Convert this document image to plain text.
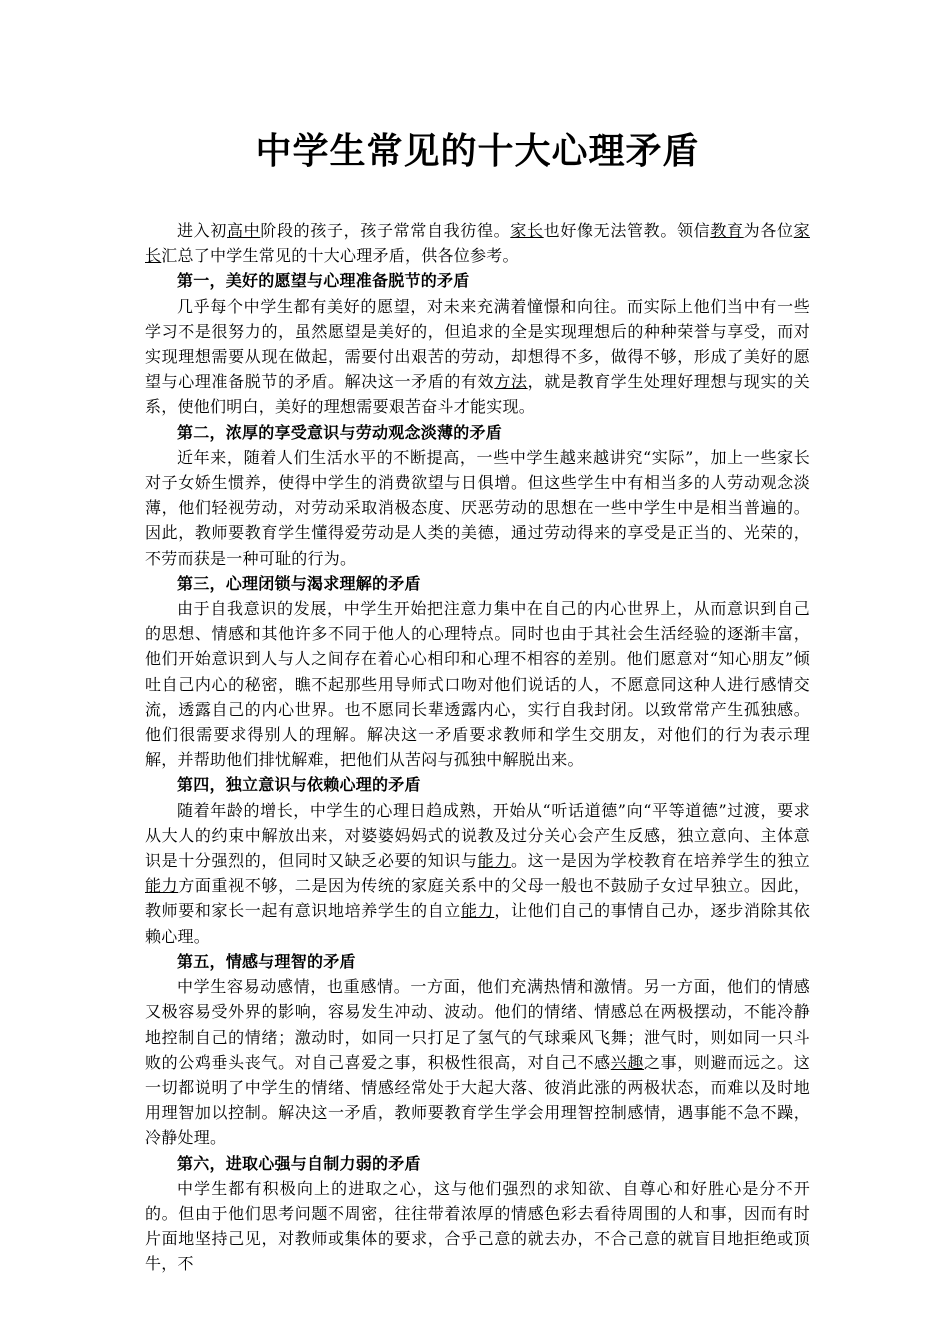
中学生常见的十大心理矛盾

进入初高中阶段的孩子，孩子常常自我彷徨。家长也好像无法管教。领信教育为各位家长汇总了中学生常见的十大心理矛盾，供各位参考。

第一，美好的愿望与心理准备脱节的矛盾

几乎每个中学生都有美好的愿望，对未来充满着憧憬和向往。而实际上他们当中有一些学习不是很努力的，虽然愿望是美好的，但追求的全是实现理想后的种种荣誉与享受，而对实现理想需要从现在做起，需要付出艰苦的劳动，却想得不多，做得不够，形成了美好的愿望与心理准备脱节的矛盾。解决这一矛盾的有效方法，就是教育学生处理好理想与现实的关系，使他们明白，美好的理想需要艰苦奋斗才能实现。

第二，浓厚的享受意识与劳动观念淡薄的矛盾

近年来，随着人们生活水平的不断提高，一些中学生越来越讲究“实际”，加上一些家长对子女娇生惯养，使得中学生的消费欲望与日俱增。但这些学生中有相当多的人劳动观念淡薄，他们轻视劳动，对劳动采取消极态度、厌恶劳动的思想在一些中学生中是相当普遍的。因此，教师要教育学生懂得爱劳动是人类的美德，通过劳动得来的享受是正当的、光荣的，不劳而获是一种可耻的行为。

第三，心理闭锁与渴求理解的矛盾

由于自我意识的发展，中学生开始把注意力集中在自己的内心世界上，从而意识到自己的思想、情感和其他许多不同于他人的心理特点。同时也由于其社会生活经验的逐渐丰富，他们开始意识到人与人之间存在着心心相印和心理不相容的差别。他们愿意对“知心朋友”倾吐自己内心的秘密，瞧不起那些用导师式口吻对他们说话的人，不愿意同这种人进行感情交流，透露自己的内心世界。也不愿同长辈透露内心，实行自我封闭。以致常常产生孤独感。他们很需要求得别人的理解。解决这一矛盾要求教师和学生交朋友，对他们的行为表示理解，并帮助他们排忧解难，把他们从苦闷与孤独中解脱出来。

第四，独立意识与依赖心理的矛盾

随着年龄的增长，中学生的心理日趋成熟，开始从“听话道德”向“平等道德”过渡，要求从大人的约束中解放出来，对婆婆妈妈式的说教及过分关心会产生反感，独立意向、主体意识是十分强烈的，但同时又缺乏必要的知识与能力。这一是因为学校教育在培养学生的独立能力方面重视不够，二是因为传统的家庭关系中的父母一般也不鼓励子女过早独立。因此，教师要和家长一起有意识地培养学生的自立能力，让他们自己的事情自己办，逐步消除其依赖心理。

第五，情感与理智的矛盾

中学生容易动感情，也重感情。一方面，他们充满热情和激情。另一方面，他们的情感又极容易受外界的影响，容易发生冲动、波动。他们的情绪、情感总在两极摆动，不能冷静地控制自己的情绪；激动时，如同一只打足了氢气的气球乘风飞舞；泄气时，则如同一只斗败的公鸡垂头丧气。对自己喜爱之事，积极性很高，对自己不感兴趣之事，则避而远之。这一切都说明了中学生的情绪、情感经常处于大起大落、彼消此涨的两极状态，而难以及时地用理智加以控制。解决这一矛盾，教师要教育学生学会用理智控制感情，遇事能不急不躁，冷静处理。

第六，进取心强与自制力弱的矛盾

中学生都有积极向上的进取之心，这与他们强烈的求知欲、自尊心和好胜心是分不开的。但由于他们思考问题不周密，往往带着浓厚的情感色彩去看待周围的人和事，因而有时片面地坚持己见，对教师或集体的要求，合乎己意的就去办，不合己意的就盲目地拒绝或顶牛，不
